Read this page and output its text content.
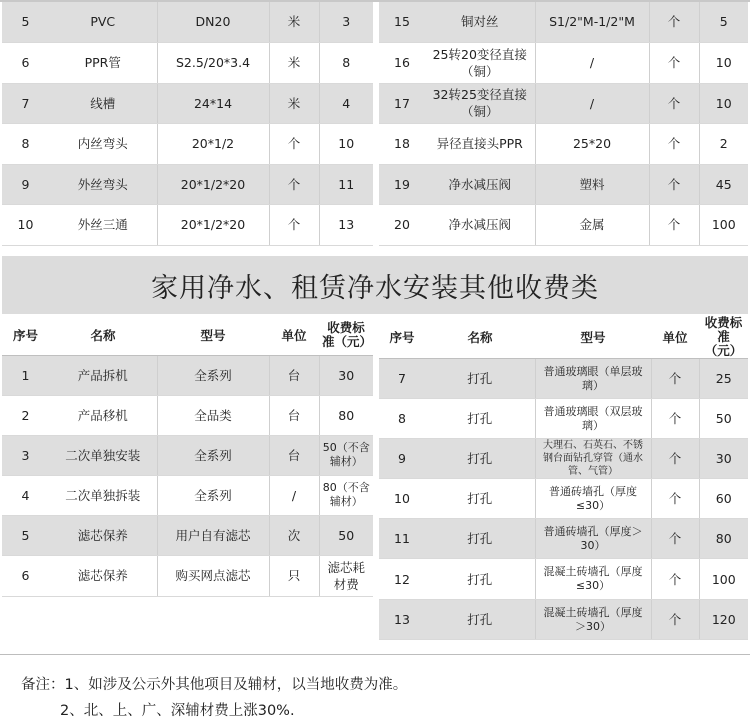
5	PVC	DN20	米	3
6	PPR管	S2.5/20*3.4	米	8
7	线槽	24*14	米	4
8	内丝弯头	20*1/2	个	10
9	外丝弯头	20*1/2*20	个	11
10	外丝三通	20*1/2*20	个	13
15	铜对丝	S1/2"M-1/2"M	个	5
16	25转20变径直接（铜）	/	个	10
17	32转25变径直接（铜）	/	个	10
18	异径直接头PPR	25*20	个	2
19	净水减压阀	塑料	个	45
20	净水减压阀	金属	个	100
家用净水、租赁净水安装其他收费类
序号	名称	型号	单位	收费标准（元）
1	产品拆机	全系列	台	30
2	产品移机	全品类	台	80
3	二次单独安装	全系列	台	50（不含辅材）
4	二次单独拆装	全系列	/	80（不含辅材）
5	滤芯保养	用户自有滤芯	次	50
6	滤芯保养	购买网点滤芯	只	滤芯耗材费
序号	名称	型号	单位	收费标准（元）
7	打孔	普通玻璃眼（单层玻璃）	个	25
8	打孔	普通玻璃眼（双层玻璃）	个	50
9	打孔	大理石、石英石、不锈钢台面钻孔穿管（通水管、气管）	个	30
10	打孔	普通砖墙孔（厚度≤30）	个	60
11	打孔	普通砖墙孔（厚度＞30）	个	80
12	打孔	混凝土砖墙孔（厚度≤30）	个	100
13	打孔	混凝土砖墙孔（厚度＞30）	个	120
备注：1、如涉及公示外其他项目及辅材，以当地收费为准。
2、北、上、广、深辅材费上涨30%.
